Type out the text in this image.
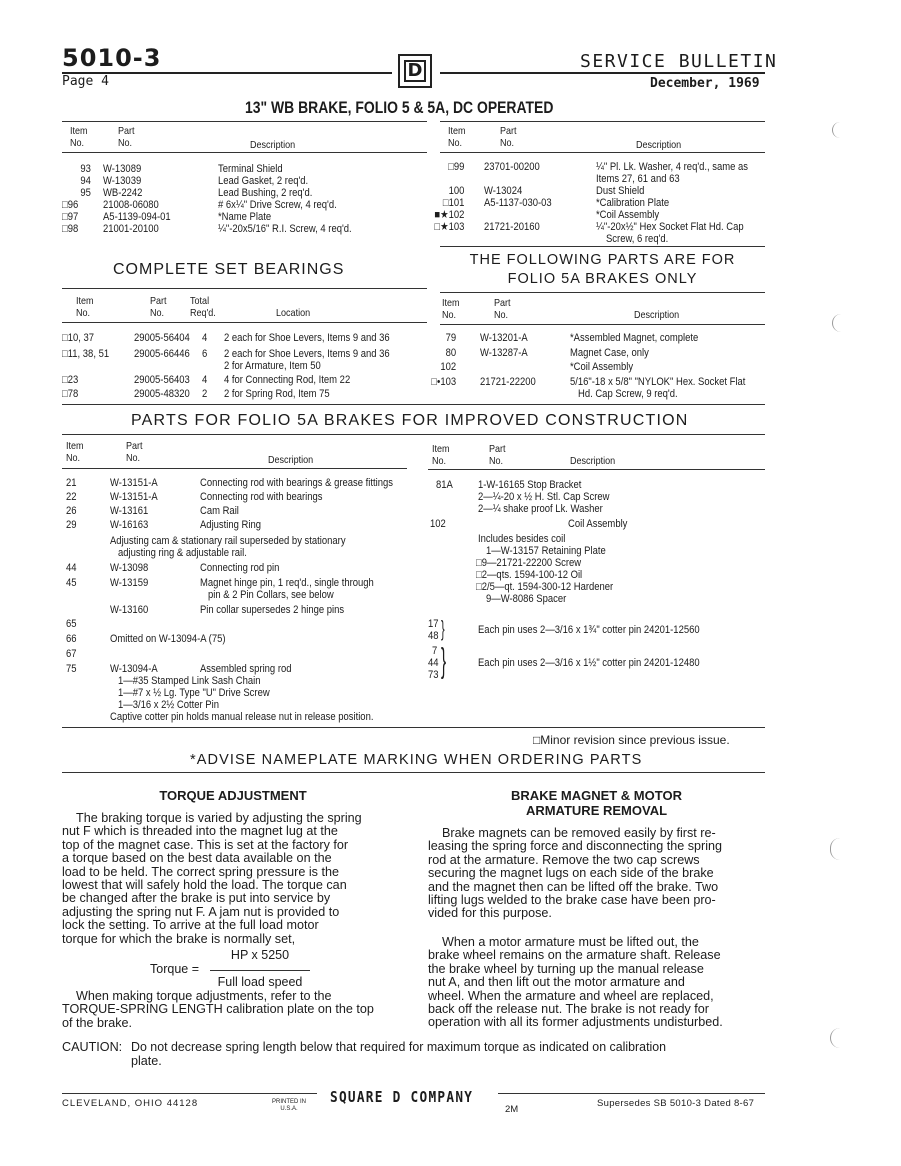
5010-3
Page 4
D	SERVICE BULLETIN
December, 1969
13" WB BRAKE, FOLIO 5 & 5A, DC OPERATED
Item
No.
Part
No.	Description
93 W-13089	Terminal Shield
94 W-13039	Lead Gasket, 2 req'd.
95 WB-2242	Lead Bushing, 2 req'd.
□96 21008-06080	# 6x¼" Drive Screw, 4 req'd.
□97 A5-1139-094-01	*Name Plate
□98 21001-20100	¼"-20x5/16" R.I. Screw, 4 req'd.
Item
No.
Part
No.	Description
□99 23701-00200	¼" Pl. Lk. Washer, 4 req'd., same as
Items 27, 61 and 63
100 W-13024	Dust Shield
□101 A5-1137-030-03	*Calibration Plate
■★102	*Coil Assembly
□★103 21721-20160	¼"-20x½" Hex Socket Flat Hd. Cap
Screw, 6 req'd.
COMPLETE SET BEARINGS
Item
No.
Part
No.
Total
Req'd.	Location
□10, 37	29005-56404 4 2 each for Shoe Levers, Items 9 and 36
□11, 38, 51 29005-66446 6 2 each for Shoe Levers, Items 9 and 36
2 for Armature, Item 50
□23	29005-56403 4 4 for Connecting Rod, Item 22
□78	29005-48320 2 2 for Spring Rod, Item 75
THE FOLLOWING PARTS ARE FOR
FOLIO 5A BRAKES ONLY
Item
No.
Part
No.	Description
79 W-13201-A	*Assembled Magnet, complete
80 W-13287-A	Magnet Case, only
102	*Coil Assembly
□•103 21721-22200	5/16"-18 x 5/8" "NYLOK" Hex. Socket Flat
Hd. Cap Screw, 9 req'd.
PARTS FOR FOLIO 5A BRAKES FOR IMPROVED CONSTRUCTION
Item
No.
Part
No.	Description
21	W-13151-A	Connecting rod with bearings & grease fittings
22	W-13151-A	Connecting rod with bearings
26	W-13161	Cam Rail
29	W-16163	Adjusting Ring
Adjusting cam & stationary rail superseded by stationary
adjusting ring & adjustable rail.
44	W-13098	Connecting rod pin
45	W-13159	Magnet hinge pin, 1 req'd., single through
pin & 2 Pin Collars, see below
W-13160	Pin collar supersedes 2 hinge pins
65
66	Omitted on W-13094-A (75)
67
75	W-13094-A	Assembled spring rod
1—#35 Stamped Link Sash Chain
1—#7 x ½ Lg. Type "U" Drive Screw
1—3/16 x 2½ Cotter Pin
Captive cotter pin holds manual release nut in release position.
Item
No.
Part
No.	Description
81A 1-W-16165 Stop Bracket
2—¼-20 x ½ H. Stl. Cap Screw
2—¼ shake proof Lk. Washer
102	Coil Assembly
Includes besides coil
1—W-13157 Retaining Plate
□9—21721-22200 Screw
□2—qts. 1594-100-12 Oil
□2/5—qt. 1594-300-12 Hardener
9—W-8086 Spacer
17
48 }	Each pin uses 2—3/16 x 1¾" cotter pin 24201-12560
7
44
73 }	Each pin uses 2—3/16 x 1½" cotter pin 24201-12480
□Minor revision since previous issue.
*ADVISE NAMEPLATE MARKING WHEN ORDERING PARTS
TORQUE ADJUSTMENT
The braking torque is varied by adjusting the spring
nut F which is threaded into the magnet lug at the
top of the magnet case. This is set at the factory for
a torque based on the best data available on the
load to be held. The correct spring pressure is the
lowest that will safely hold the load. The torque can
be changed after the brake is put into service by
adjusting the spring nut F. A jam nut is provided to
lock the setting. To arrive at the full load motor
torque for which the brake is normally set,
HP x 5250
Torque =
Full load speed
When making torque adjustments, refer to the
TORQUE-SPRING LENGTH calibration plate on the top
of the brake.
BRAKE MAGNET & MOTOR
ARMATURE REMOVAL
Brake magnets can be removed easily by first re-
leasing the spring force and disconnecting the spring
rod at the armature. Remove the two cap screws
securing the magnet lugs on each side of the brake
and the magnet then can be lifted off the brake. Two
lifting lugs welded to the brake case have been pro-
vided for this purpose.
When a motor armature must be lifted out, the
brake wheel remains on the armature shaft. Release
the brake wheel by turning up the manual release
nut A, and then lift out the motor armature and
wheel. When the armature and wheel are replaced,
back off the release nut. The brake is not ready for
operation with all its former adjustments undisturbed.
CAUTION: Do not decrease spring length below that required for maximum torque as indicated on calibration
plate.
CLEVELAND, OHIO 44128	PRINTED IN U.S.A.
SQUARE D COMPANY
2M
Supersedes SB 5010-3 Dated 8-67
